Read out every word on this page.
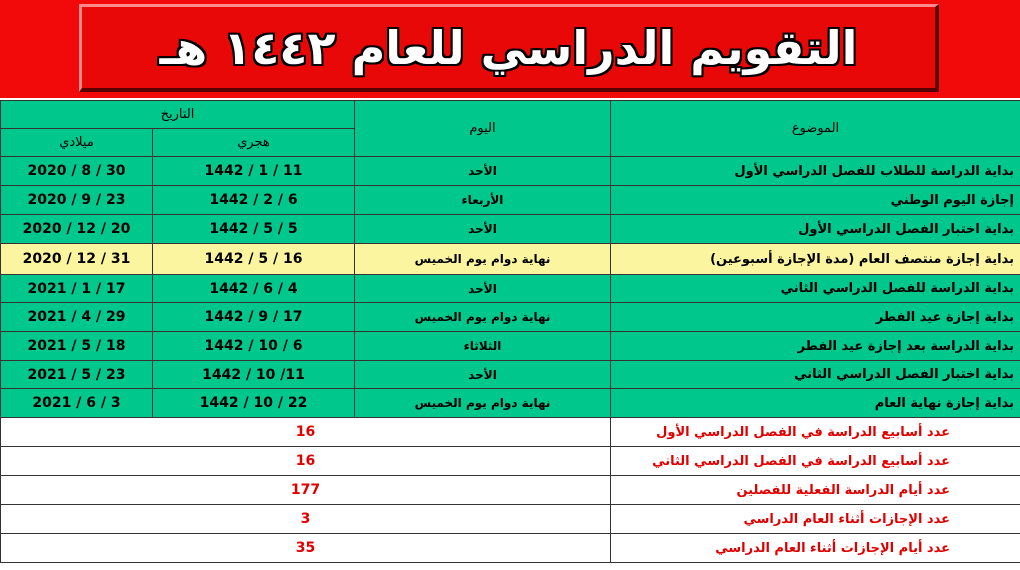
التقويم الدراسي للعام ١٤٤٢ هـ
التاريخ		اليوم	الموضوع
ميلادي	هجري		
2020 / 8 / 30	1442 / 1 / 11	الأحد	بداية الدراسة للطلاب للفصل الدراسي الأول
2020 / 9 / 23	1442 / 2 / 6	الأربعاء	إجازة اليوم الوطني
2020 / 12 / 20	1442 / 5 / 5	الأحد	بداية اختبار الفصل الدراسي الأول
2020 / 12 / 31	1442 / 5 / 16	نهاية دوام يوم الخميس	بداية إجازة منتصف العام (مدة الإجازة أسبوعين)
2021 / 1 / 17	1442 / 6 / 4	الأحد	بداية الدراسة للفصل الدراسي الثاني
2021 / 4 / 29	1442 / 9 / 17	نهاية دوام يوم الخميس	بداية إجازة عيد الفطر
2021 / 5 / 18	1442 / 10 / 6	الثلاثاء	بداية الدراسة بعد إجازة عيد الفطر
2021 / 5 / 23	1442 / 10 /11	الأحد	بداية اختبار الفصل الدراسي الثاني
2021 / 6 / 3	1442 / 10 / 22	نهاية دوام يوم الخميس	بداية إجازة نهاية العام
16			عدد أسابيع الدراسة في الفصل الدراسي الأول
16			عدد أسابيع الدراسة في الفصل الدراسي الثاني
177			عدد أيام الدراسة الفعلية للفصلين
3			عدد الإجازات أثناء العام الدراسي
35			عدد أيام الإجازات أثناء العام الدراسي
